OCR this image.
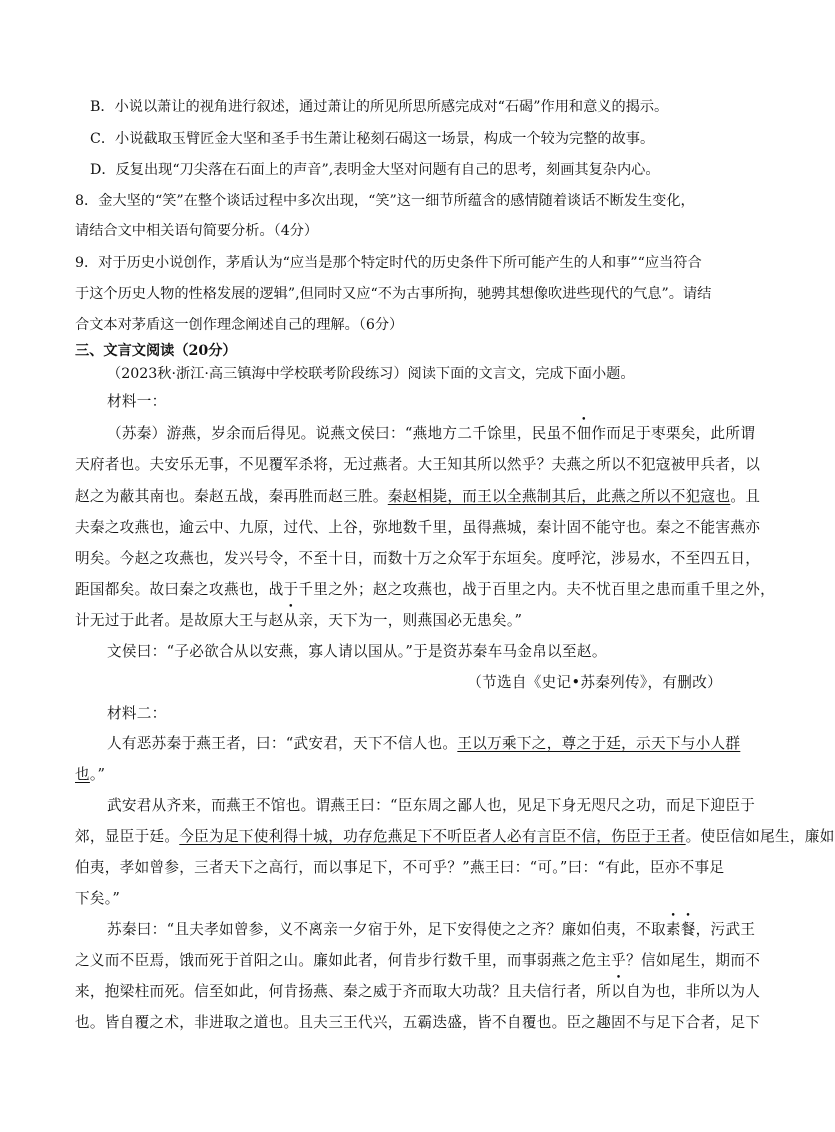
B．小说以萧让的视角进行叙述，通过萧让的所见所思所感完成对“石碣”作用和意义的揭示。
C．小说截取玉臂匠金大坚和圣手书生萧让秘刻石碣这一场景，构成一个较为完整的故事。
D．反复出现“刀尖落在石面上的声音”,表明金大坚对问题有自己的思考，刻画其复杂内心。
8．金大坚的“笑”在整个谈话过程中多次出现，“笑”这一细节所蕴含的感情随着谈话不断发生变化，
请结合文中相关语句简要分析。（4分）
9．对于历史小说创作，茅盾认为“应当是那个特定时代的历史条件下所可能产生的人和事”“应当符合
于这个历史人物的性格发展的逻辑”,但同时又应“不为古事所拘，驰骋其想像吹进些现代的气息”。请结
合文本对茅盾这一创作理念阐述自己的理解。（6分）
三、文言文阅读（20分）
（2023秋·浙江·高三镇海中学校联考阶段练习）阅读下面的文言文，完成下面小题。
材料一：
（苏秦）游燕，岁余而后得见。说燕文侯曰：“燕地方二千馀里，民虽不佃作而足于枣栗矣，此所谓
天府者也。夫安乐无事，不见覆军杀将，无过燕者。大王知其所以然乎？夫燕之所以不犯寇被甲兵者，以
赵之为蔽其南也。秦赵五战，秦再胜而赵三胜。秦赵相毙，而王以全燕制其后，此燕之所以不犯寇也。且
夫秦之攻燕也，逾云中、九原，过代、上谷，弥地数千里，虽得燕城，秦计固不能守也。秦之不能害燕亦
明矣。今赵之攻燕也，发兴号令，不至十日，而数十万之众军于东垣矣。度呼沱，涉易水，不至四五日，
距国都矣。故曰秦之攻燕也，战于千里之外；赵之攻燕也，战于百里之内。夫不忧百里之患而重千里之外，
计无过于此者。是故原大王与赵从亲，天下为一，则燕国必无患矣。”
文侯曰：“子必欲合从以安燕，寡人请以国从。”于是资苏秦车马金帛以至赵。
（节选自《史记•苏秦列传》，有删改）
材料二：
人有恶苏秦于燕王者，曰：“武安君，天下不信人也。王以万乘下之，尊之于廷，示天下与小人群
也。”
武安君从齐来，而燕王不馆也。谓燕王曰：“臣东周之鄙人也，见足下身无咫尺之功，而足下迎臣于
郊，显臣于廷。今臣为足下使利得十城，功存危燕足下不听臣者人必有言臣不信，伤臣于王者。使臣信如尾生，廉如
伯夷，孝如曾参，三者天下之高行，而以事足下，不可乎？”燕王曰：“可。”曰：“有此，臣亦不事足
下矣。”
苏秦曰：“且夫孝如曾参，义不离亲一夕宿于外，足下安得使之之齐？廉如伯夷，不取素餐，污武王
之义而不臣焉，饿而死于首阳之山。廉如此者，何肯步行数千里，而事弱燕之危主乎？信如尾生，期而不
来，抱梁柱而死。信至如此，何肯扬燕、秦之威于齐而取大功哉？且夫信行者，所以自为也，非所以为人
也。皆自覆之术，非进取之道也。且夫三王代兴，五霸迭盛，皆不自覆也。臣之趣固不与足下合者，足下
